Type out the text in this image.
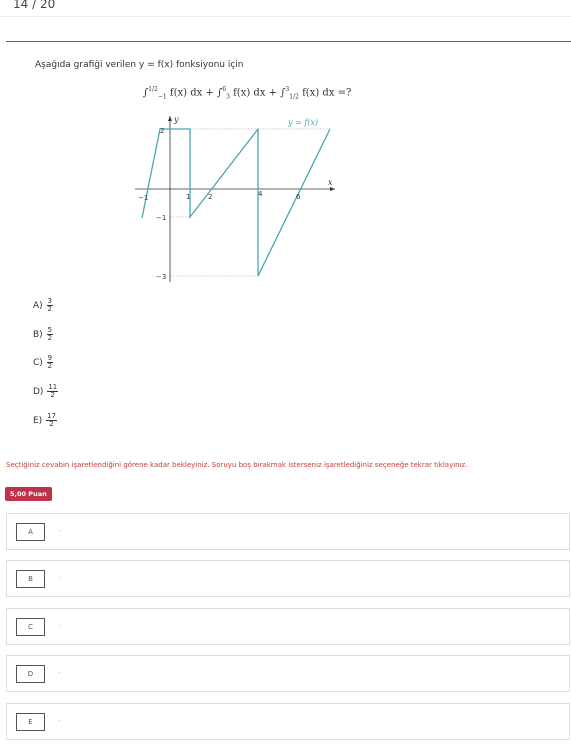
14 / 20
Aşağıda grafiği verilen y = f(x) fonksiyonu için
∫$^{1/2}_{-1}$ f(x) dx + ∫$^6_3$ f(x) dx + ∫$^3_{1/2}$ f(x) dx =?
y = f(x)
x
y
−1	1	2	4	6
2
−1
−3
$A) \frac{3}{2}$
$B) \frac{5}{2}$
$C) \frac{9}{2}$
$D) \frac{11}{2}$
$E) \frac{17}{2}$
Seçtiğiniz cevabın işaretlendiğini görene kadar bekleyiniz. Soruyu boş bırakmak isterseniz işaretlediğiniz seçeneğe tekrar tıklayınız.
5,00 Puan
A	.
B	.
C	.
D	.
E	.
